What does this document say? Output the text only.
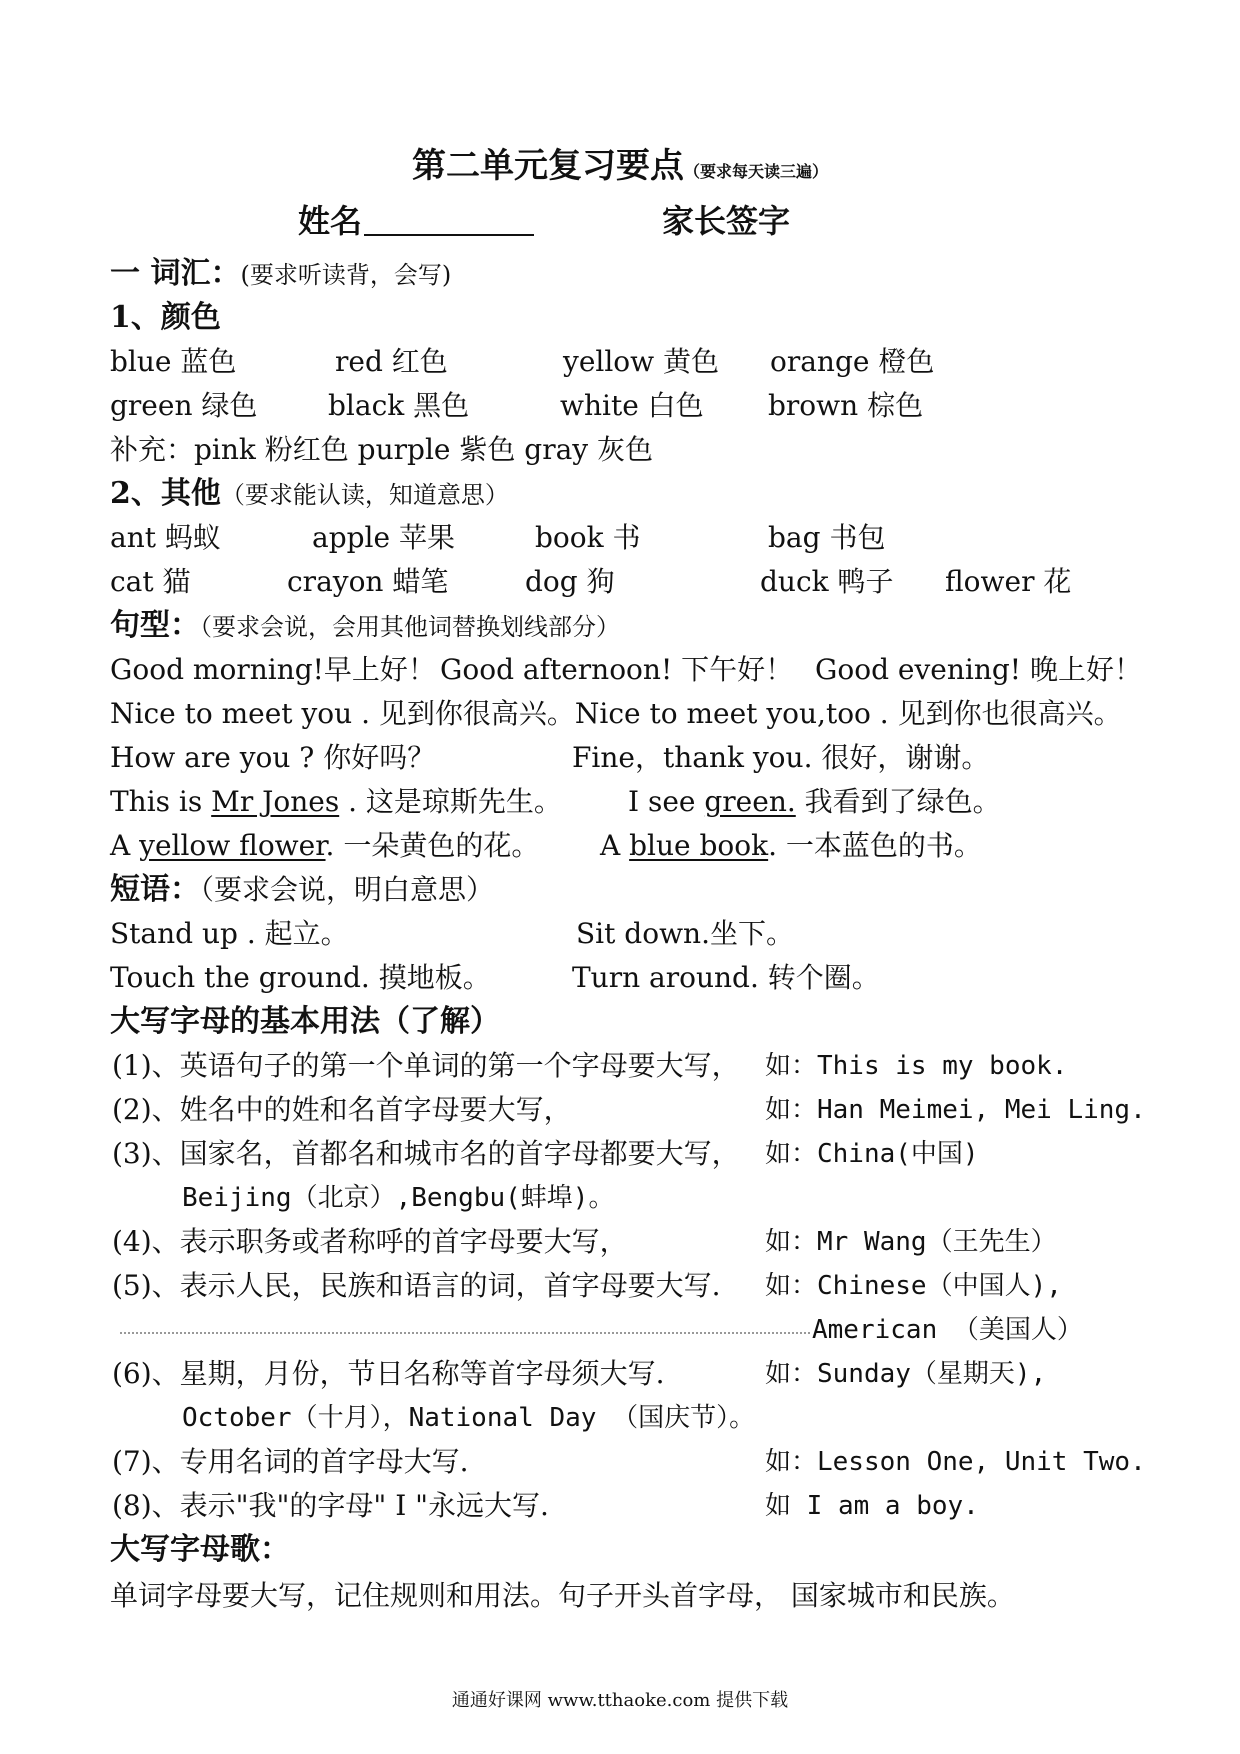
第二单元复习要点（要求每天读三遍）
姓名	家长签字
一 词汇：(要求听读背，会写)
1、颜色
blue 蓝色	red 红色	yellow 黄色 orange 橙色
green 绿色	black 黑色	white 白色 brown 棕色
补充：pink 粉红色 purple 紫色 gray 灰色
2、其他（要求能认读，知道意思）
ant 蚂蚁	apple 苹果	book 书	bag 书包
cat 猫	crayon 蜡笔	dog 狗	duck 鸭子 flower 花
句型：（要求会说，会用其他词替换划线部分）
Good morning!早上好！ Good afternoon! 下午好！ Good evening! 晚上好！
Nice to meet you . 见到你很高兴。Nice to meet you,too . 见到你也很高兴。
How are you ? 你好吗？	Fine，thank you. 很好，谢谢。
This is Mr Jones . 这是琼斯先生。 I see green. 我看到了绿色。
A yellow flower. 一朵黄色的花。 A blue book. 一本蓝色的书。
短语：（要求会说，明白意思）
Stand up . 起立。	Sit down.坐下。
Touch the ground. 摸地板。	Turn around. 转个圈。
大写字母的基本用法（了解）
(1)、英语句子的第一个单词的第一个字母要大写， 如：This is my book.
(2)、姓名中的姓和名首字母要大写，	如：Han Meimei, Mei Ling.
(3)、国家名，首都名和城市名的首字母都要大写， 如：China(中国)
Beijing（北京）,Bengbu(蚌埠)。
(4)、表示职务或者称呼的首字母要大写，	如：Mr Wang（王先生）
(5)、表示人民，民族和语言的词，首字母要大写. 如：Chinese（中国人),
American （美国人）
(6)、星期，月份，节日名称等首字母须大写.	如：Sunday（星期天),
October（十月），National Day （国庆节）。
(7)、专用名词的首字母大写.	如：Lesson One, Unit Two.
(8)、表示"我"的字母" I "永远大写.	如 I am a boy.
大写字母歌：
单词字母要大写，记住规则和用法。句子开头首字母， 国家城市和民族。
通通好课网 www.tthaoke.com 提供下载
